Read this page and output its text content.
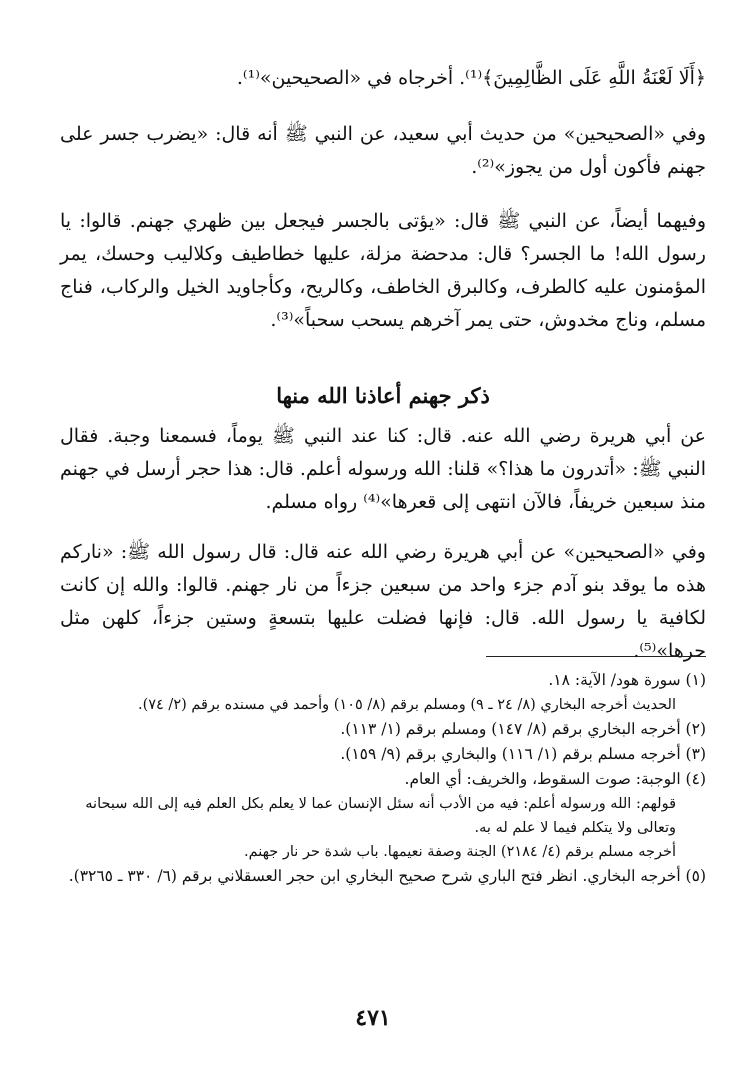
﴿أَلَا لَعْنَةُ اللَّهِ عَلَى الظَّالِمِينَ﴾⁽¹⁾. أخرجاه في «الصحيحين»⁽¹⁾.

وفي «الصحيحين» من حديث أبي سعيد، عن النبي ﷺ أنه قال: «يضرب جسر على جهنم فأكون أول من يجوز»⁽²⁾.

وفيهما أيضاً، عن النبي ﷺ قال: «يؤتى بالجسر فيجعل بين ظهري جهنم. قالوا: يا رسول الله! ما الجسر؟ قال: مدحضة مزلة، عليها خطاطيف وكلاليب وحسك، يمر المؤمنون عليه كالطرف، وكالبرق الخاطف، وكالريح، وكأجاويد الخيل والركاب، فناج مسلم، وناج مخدوش، حتى يمر آخرهم يسحب سحباً»⁽³⁾.

ذكر جهنم أعاذنا الله منها

عن أبي هريرة رضي الله عنه. قال: كنا عند النبي ﷺ يوماً، فسمعنا وجبة. فقال النبي ﷺ: «أتدرون ما هذا؟» قلنا: الله ورسوله أعلم. قال: هذا حجر أرسل في جهنم منذ سبعين خريفاً، فالآن انتهى إلى قعرها»⁽⁴⁾ رواه مسلم.

وفي «الصحيحين» عن أبي هريرة رضي الله عنه قال: قال رسول الله ﷺ: «ناركم هذه ما يوقد بنو آدم جزء واحد من سبعين جزءاً من نار جهنم. قالوا: والله إن كانت لكافية يا رسول الله. قال: فإنها فضلت عليها بتسعةٍ وستين جزءاً، كلهن مثل حرها»⁽⁵⁾.

(١) سورة هود/ الآية: ١٨.

الحديث أخرجه البخاري (٨/ ٢٤ ـ ٩) ومسلم برقم (٨/ ١٠٥) وأحمد في مسنده برقم (٢/ ٧٤).

(٢) أخرجه البخاري برقم (٨/ ١٤٧) ومسلم برقم (١/ ١١٣).

(٣) أخرجه مسلم برقم (١/ ١١٦) والبخاري برقم (٩/ ١٥٩).

(٤) الوجبة: صوت السقوط، والخريف: أي العام.

قولهم: الله ورسوله أعلم: فيه من الأدب أنه سئل الإنسان عما لا يعلم بكل العلم فيه إلى الله سبحانه وتعالى ولا يتكلم فيما لا علم له به.

أخرجه مسلم برقم (٤/ ٢١٨٤) الجنة وصفة نعيمها. باب شدة حر نار جهنم.

(٥) أخرجه البخاري. انظر فتح الباري شرح صحيح البخاري ابن حجر العسقلاني برقم (٦/ ٣٣٠ ـ ٣٢٦٥).

٤٧١
